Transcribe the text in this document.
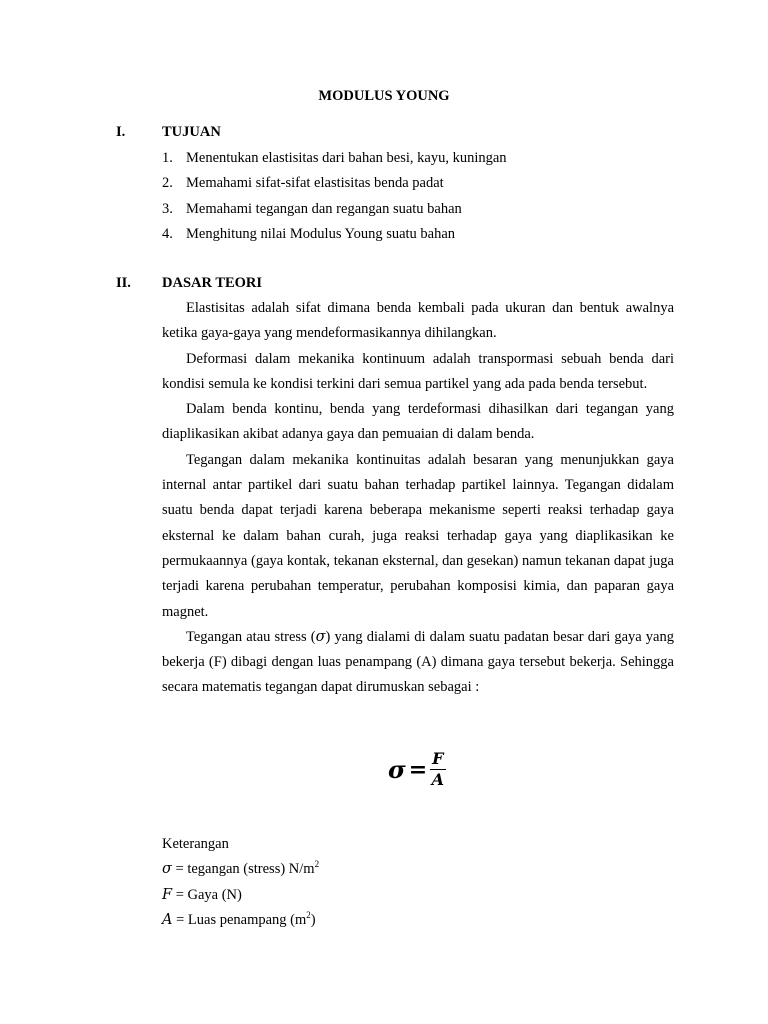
MODULUS YOUNG
I.	TUJUAN
1. Menentukan elastisitas dari bahan besi, kayu, kuningan
2. Memahami sifat-sifat elastisitas benda padat
3. Memahami tegangan dan regangan suatu bahan
4. Menghitung nilai Modulus Young suatu bahan
II. DASAR TEORI

Elastisitas adalah sifat dimana benda kembali pada ukuran dan bentuk awalnya ketika gaya-gaya yang mendeformasikannya dihilangkan.

Deformasi dalam mekanika kontinuum adalah transpormasi sebuah benda dari kondisi semula ke kondisi terkini dari semua partikel yang ada pada benda tersebut.

Dalam benda kontinu, benda yang terdeformasi dihasilkan dari tegangan yang diaplikasikan akibat adanya gaya dan pemuaian di dalam benda.

Tegangan dalam mekanika kontinuitas adalah besaran yang menunjukkan gaya internal antar partikel dari suatu bahan terhadap partikel lainnya. Tegangan didalam suatu benda dapat terjadi karena beberapa mekanisme seperti reaksi terhadap gaya eksternal ke dalam bahan curah, juga reaksi terhadap gaya yang diaplikasikan ke permukaannya (gaya kontak, tekanan eksternal, dan gesekan) namun tekanan dapat juga terjadi karena perubahan temperatur, perubahan komposisi kimia, dan paparan gaya magnet.

Tegangan atau stress (σ) yang dialami di dalam suatu padatan besar dari gaya yang bekerja (F) dibagi dengan luas penampang (A) dimana gaya tersebut bekerja. Sehingga secara matematis tegangan dapat dirumuskan sebagai :

$\sigma = \frac{F}{A}$
Keterangan
σ = tegangan (stress) $N/m^2$
F = Gaya (N)
A = Luas penampang $(m^2)$
